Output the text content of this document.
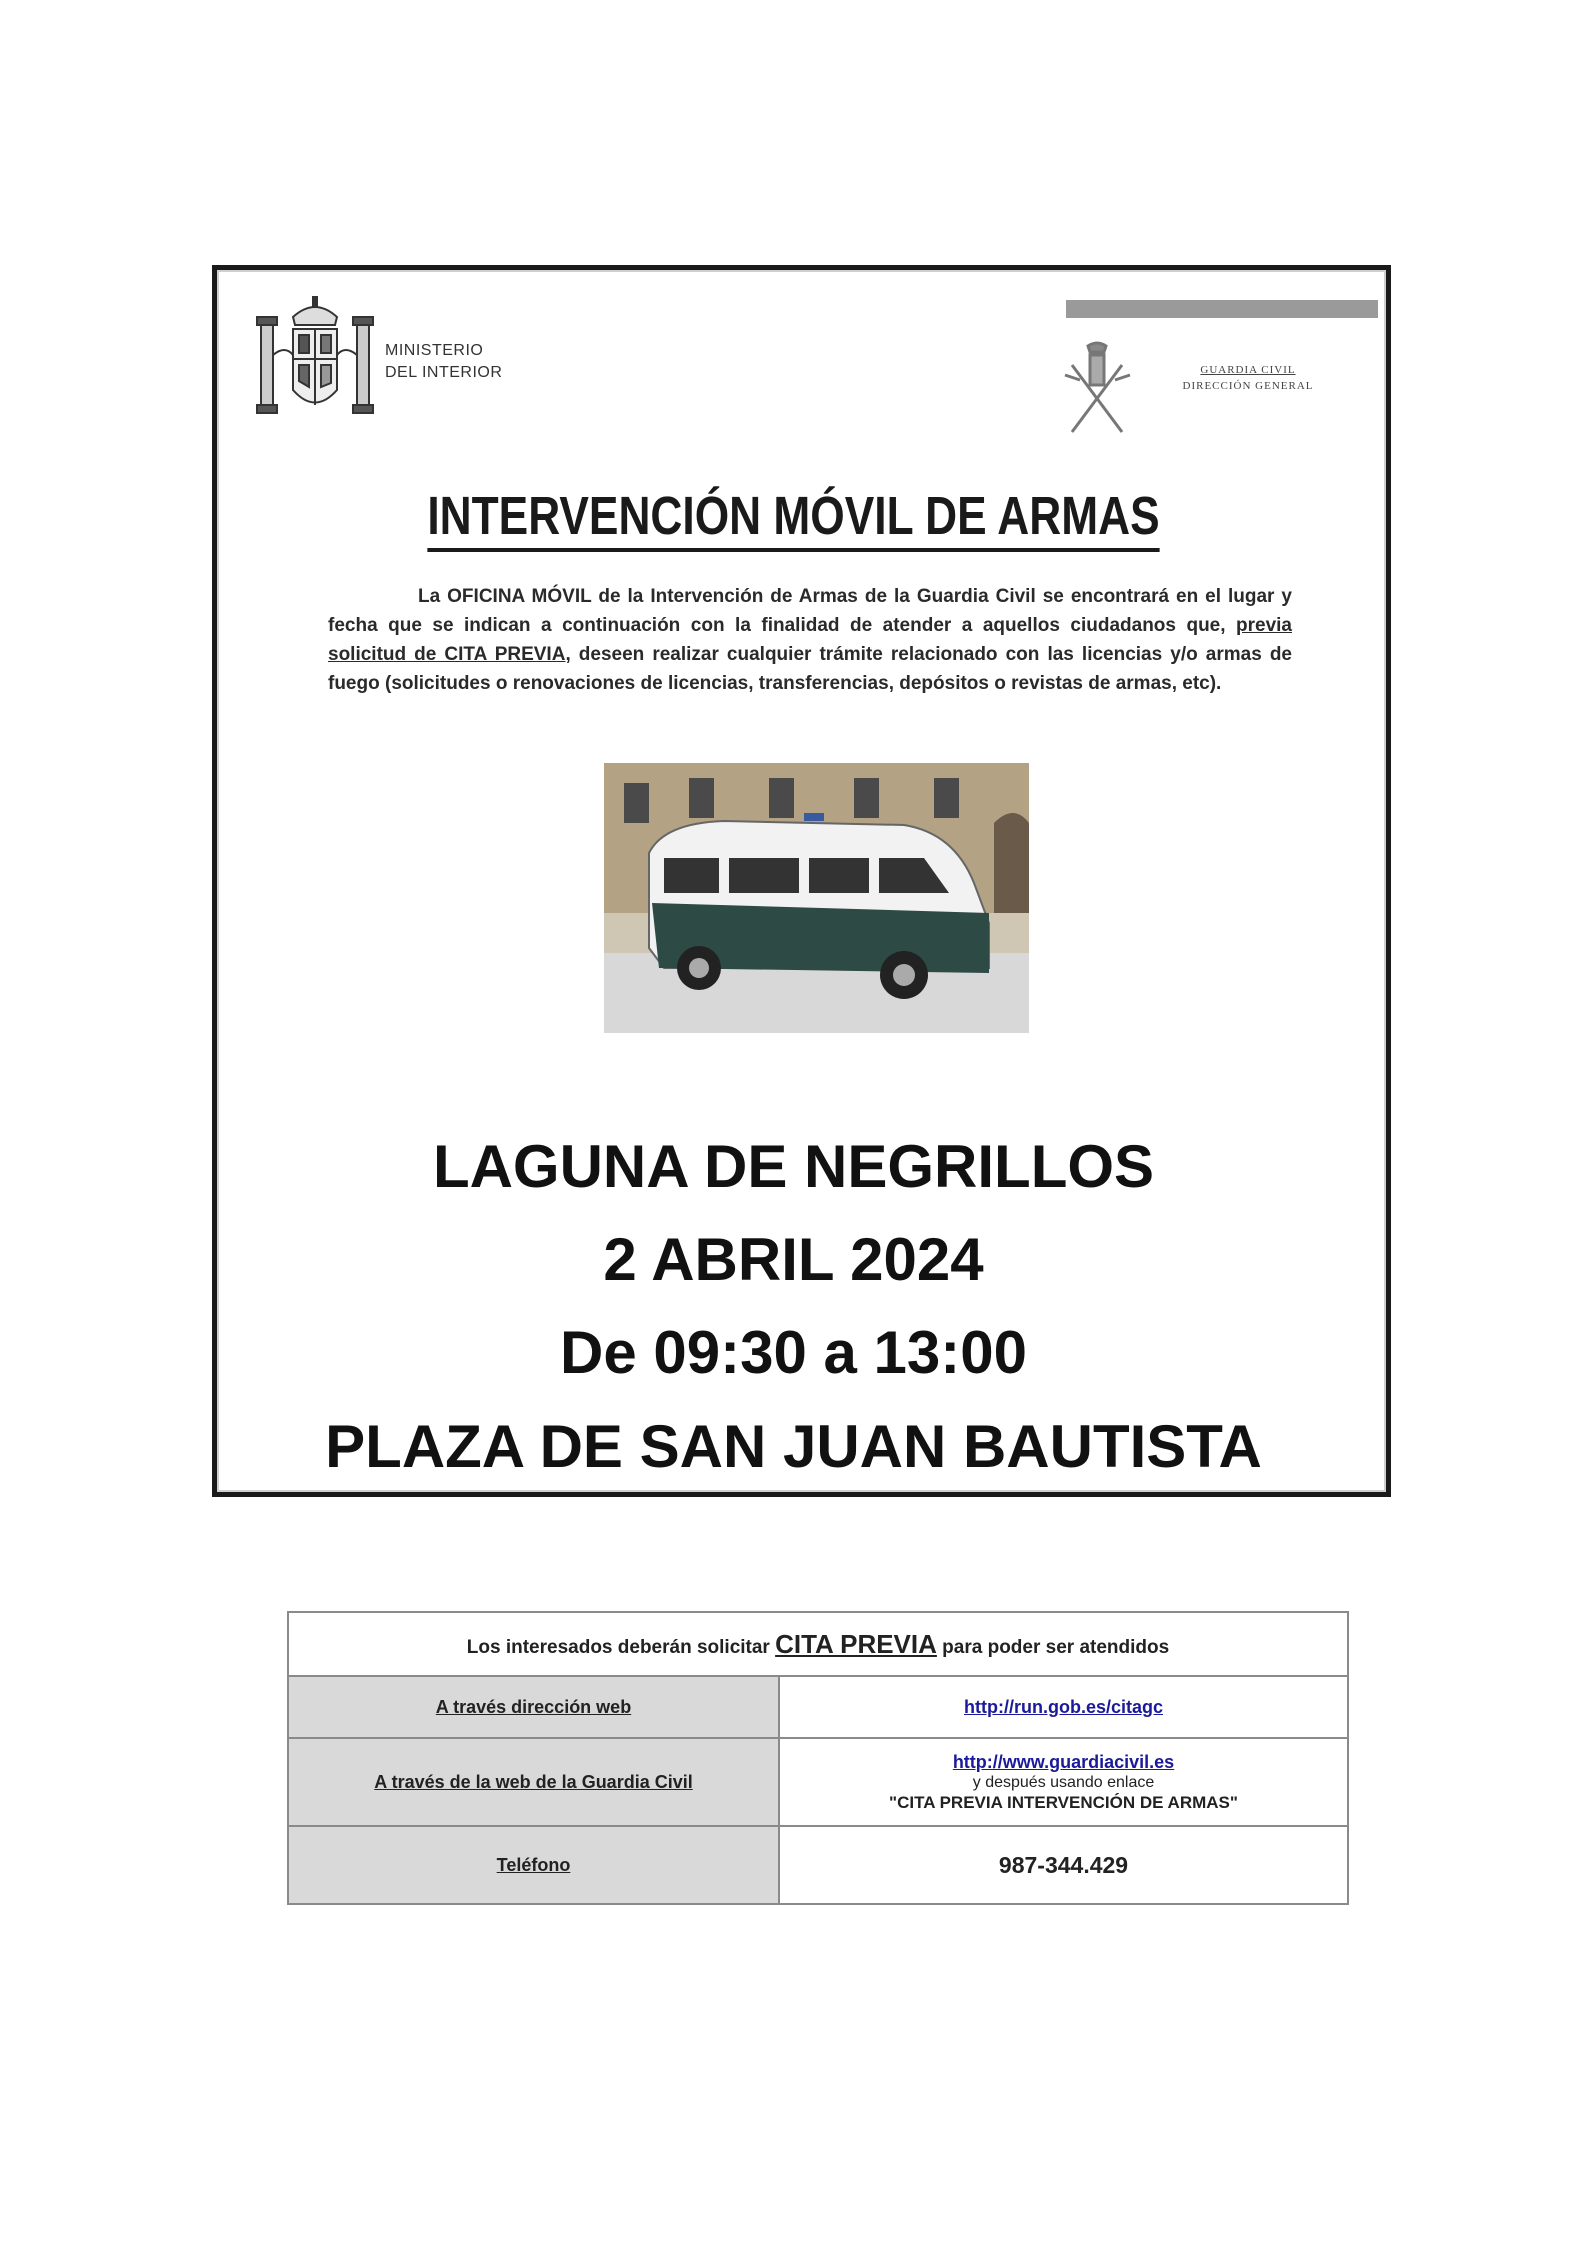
MINISTERIO
DEL INTERIOR	GUARDIA CIVIL
DIRECCIÓN GENERAL
INTERVENCIÓN MÓVIL DE ARMAS
La OFICINA MÓVIL de la Intervención de Armas de la Guardia Civil se encontrará en el lugar y fecha que se indican a continuación con la finalidad de atender a aquellos ciudadanos que, previa solicitud de CITA PREVIA, deseen realizar cualquier trámite relacionado con las licencias y/o armas de fuego (solicitudes o renovaciones de licencias, transferencias, depósitos o revistas de armas, etc).
LAGUNA DE NEGRILLOS
2 ABRIL 2024
De 09:30 a 13:00
PLAZA DE SAN JUAN BAUTISTA
Los interesados deberán solicitar CITA PREVIA para poder ser atendidos	
A través dirección web	http://run.gob.es/citagc
A través de la web de la Guardia Civil	http://www.guardiacivil.es
y después usando enlace
"CITA PREVIA INTERVENCIÓN DE ARMAS"

Teléfono	987-344.429
